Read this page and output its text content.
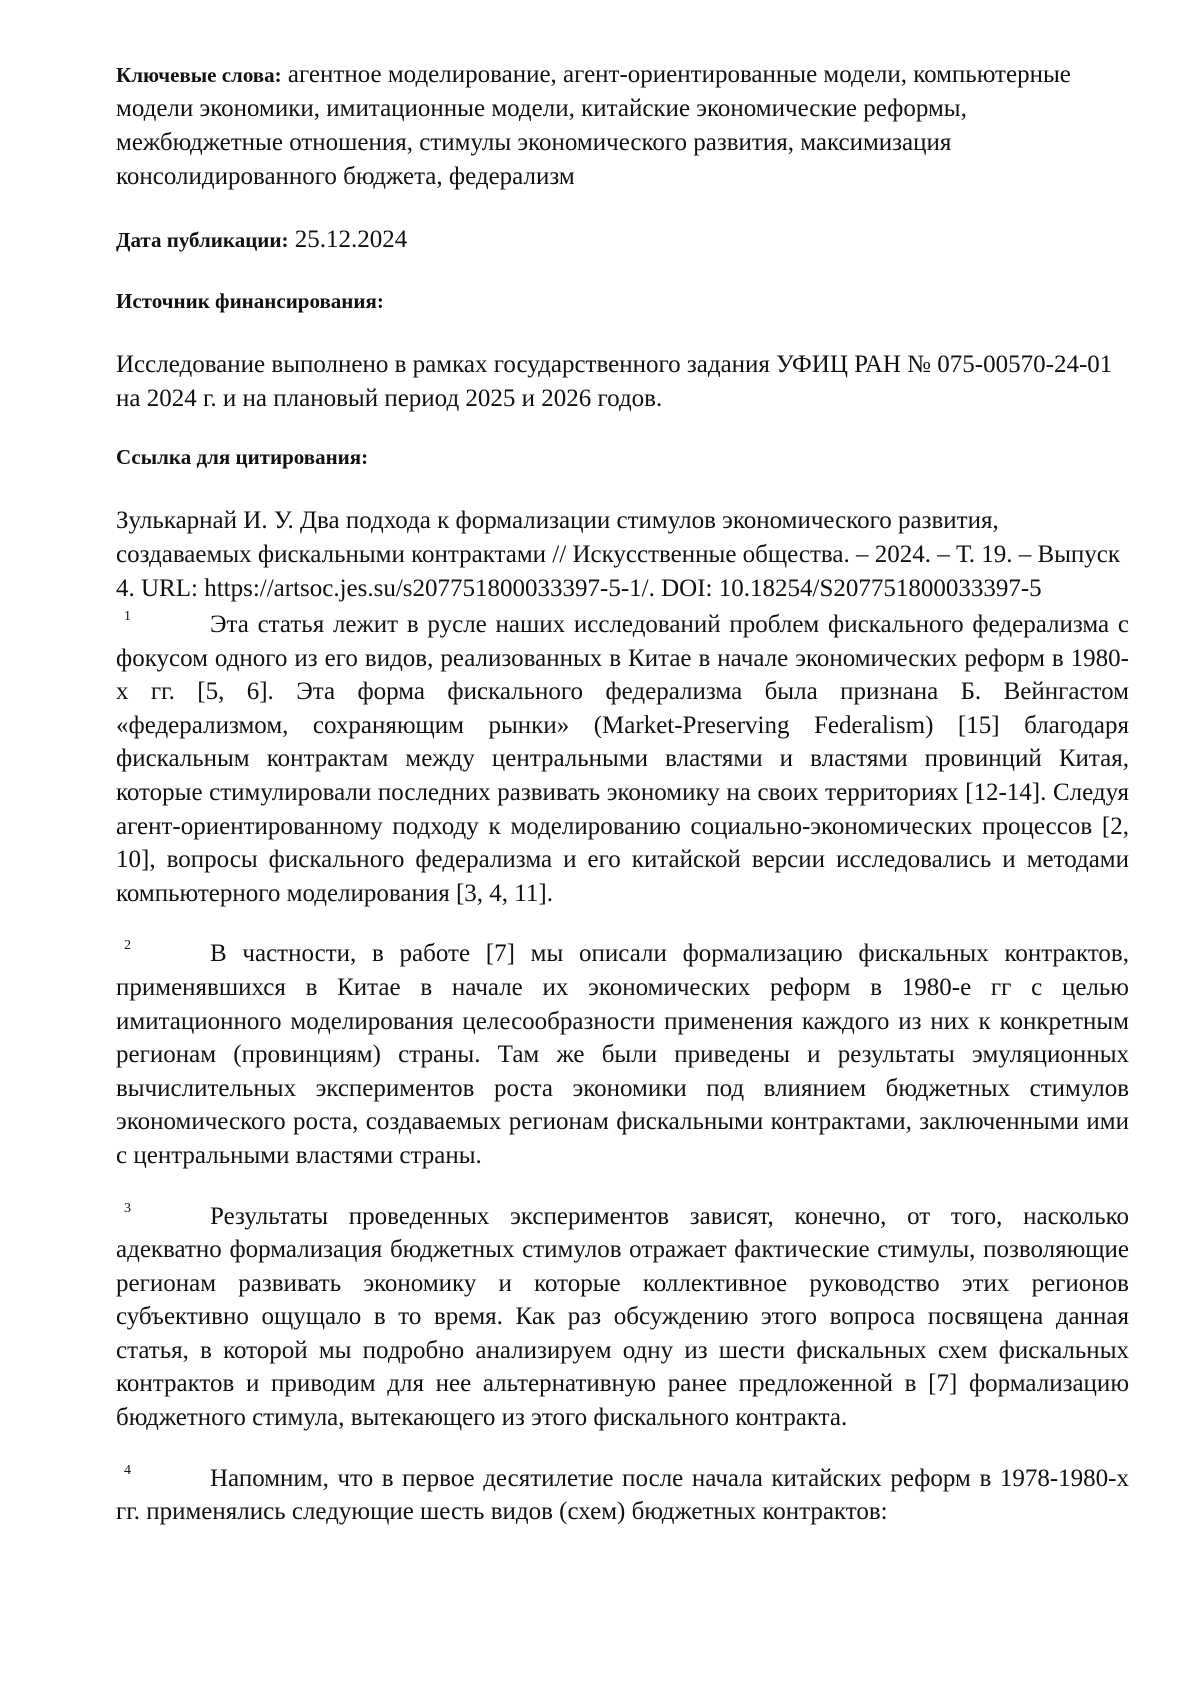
Ключевые слова: агентное моделирование, агент-ориентированные модели, компьютерные модели экономики, имитационные модели, китайские экономические реформы, межбюджетные отношения, стимулы экономического развития, максимизация консолидированного бюджета, федерализм

Дата публикации: 25.12.2024

Источник финансирования:

Исследование выполнено в рамках государственного задания УФИЦ РАН № 075-00570-24-01 на 2024 г. и на плановый период 2025 и 2026 годов.

Ссылка для цитирования:

Зулькарнай И. У. Два подхода к формализации стимулов экономического развития, создаваемых фискальными контрактами // Искусственные общества. – 2024. – Т. 19. – Выпуск 4. URL: https://artsoc.jes.su/s207751800033397-5-1/. DOI: 10.18254/S207751800033397-5

1	Эта статья лежит в русле наших исследований проблем фискального федерализма с фокусом одного из его видов, реализованных в Китае в начале экономических реформ в 1980-х гг. [5, 6]. Эта форма фискального федерализма была признана Б. Вейнгастом «федерализмом, сохраняющим рынки» (Market-Preserving Federalism) [15] благодаря фискальным контрактам между центральными властями и властями провинций Китая, которые стимулировали последних развивать экономику на своих территориях [12-14]. Следуя агент-ориентированному подходу к моделированию социально-экономических процессов [2, 10], вопросы фискального федерализма и его китайской версии исследовались и методами компьютерного моделирования [3, 4, 11].

2	В частности, в работе [7] мы описали формализацию фискальных контрактов, применявшихся в Китае в начале их экономических реформ в 1980-е гг с целью имитационного моделирования целесообразности применения каждого из них к конкретным регионам (провинциям) страны. Там же были приведены и результаты эмуляционных вычислительных экспериментов роста экономики под влиянием бюджетных стимулов экономического роста, создаваемых регионам фискальными контрактами, заключенными ими с центральными властями страны.

3	Результаты проведенных экспериментов зависят, конечно, от того, насколько адекватно формализация бюджетных стимулов отражает фактические стимулы, позволяющие регионам развивать экономику и которые коллективное руководство этих регионов субъективно ощущало в то время. Как раз обсуждению этого вопроса посвящена данная статья, в которой мы подробно анализируем одну из шести фискальных схем фискальных контрактов и приводим для нее альтернативную ранее предложенной в [7] формализацию бюджетного стимула, вытекающего из этого фискального контракта.

4	Напомним, что в первое десятилетие после начала китайских реформ в 1978-1980-х гг. применялись следующие шесть видов (схем) бюджетных контрактов:
